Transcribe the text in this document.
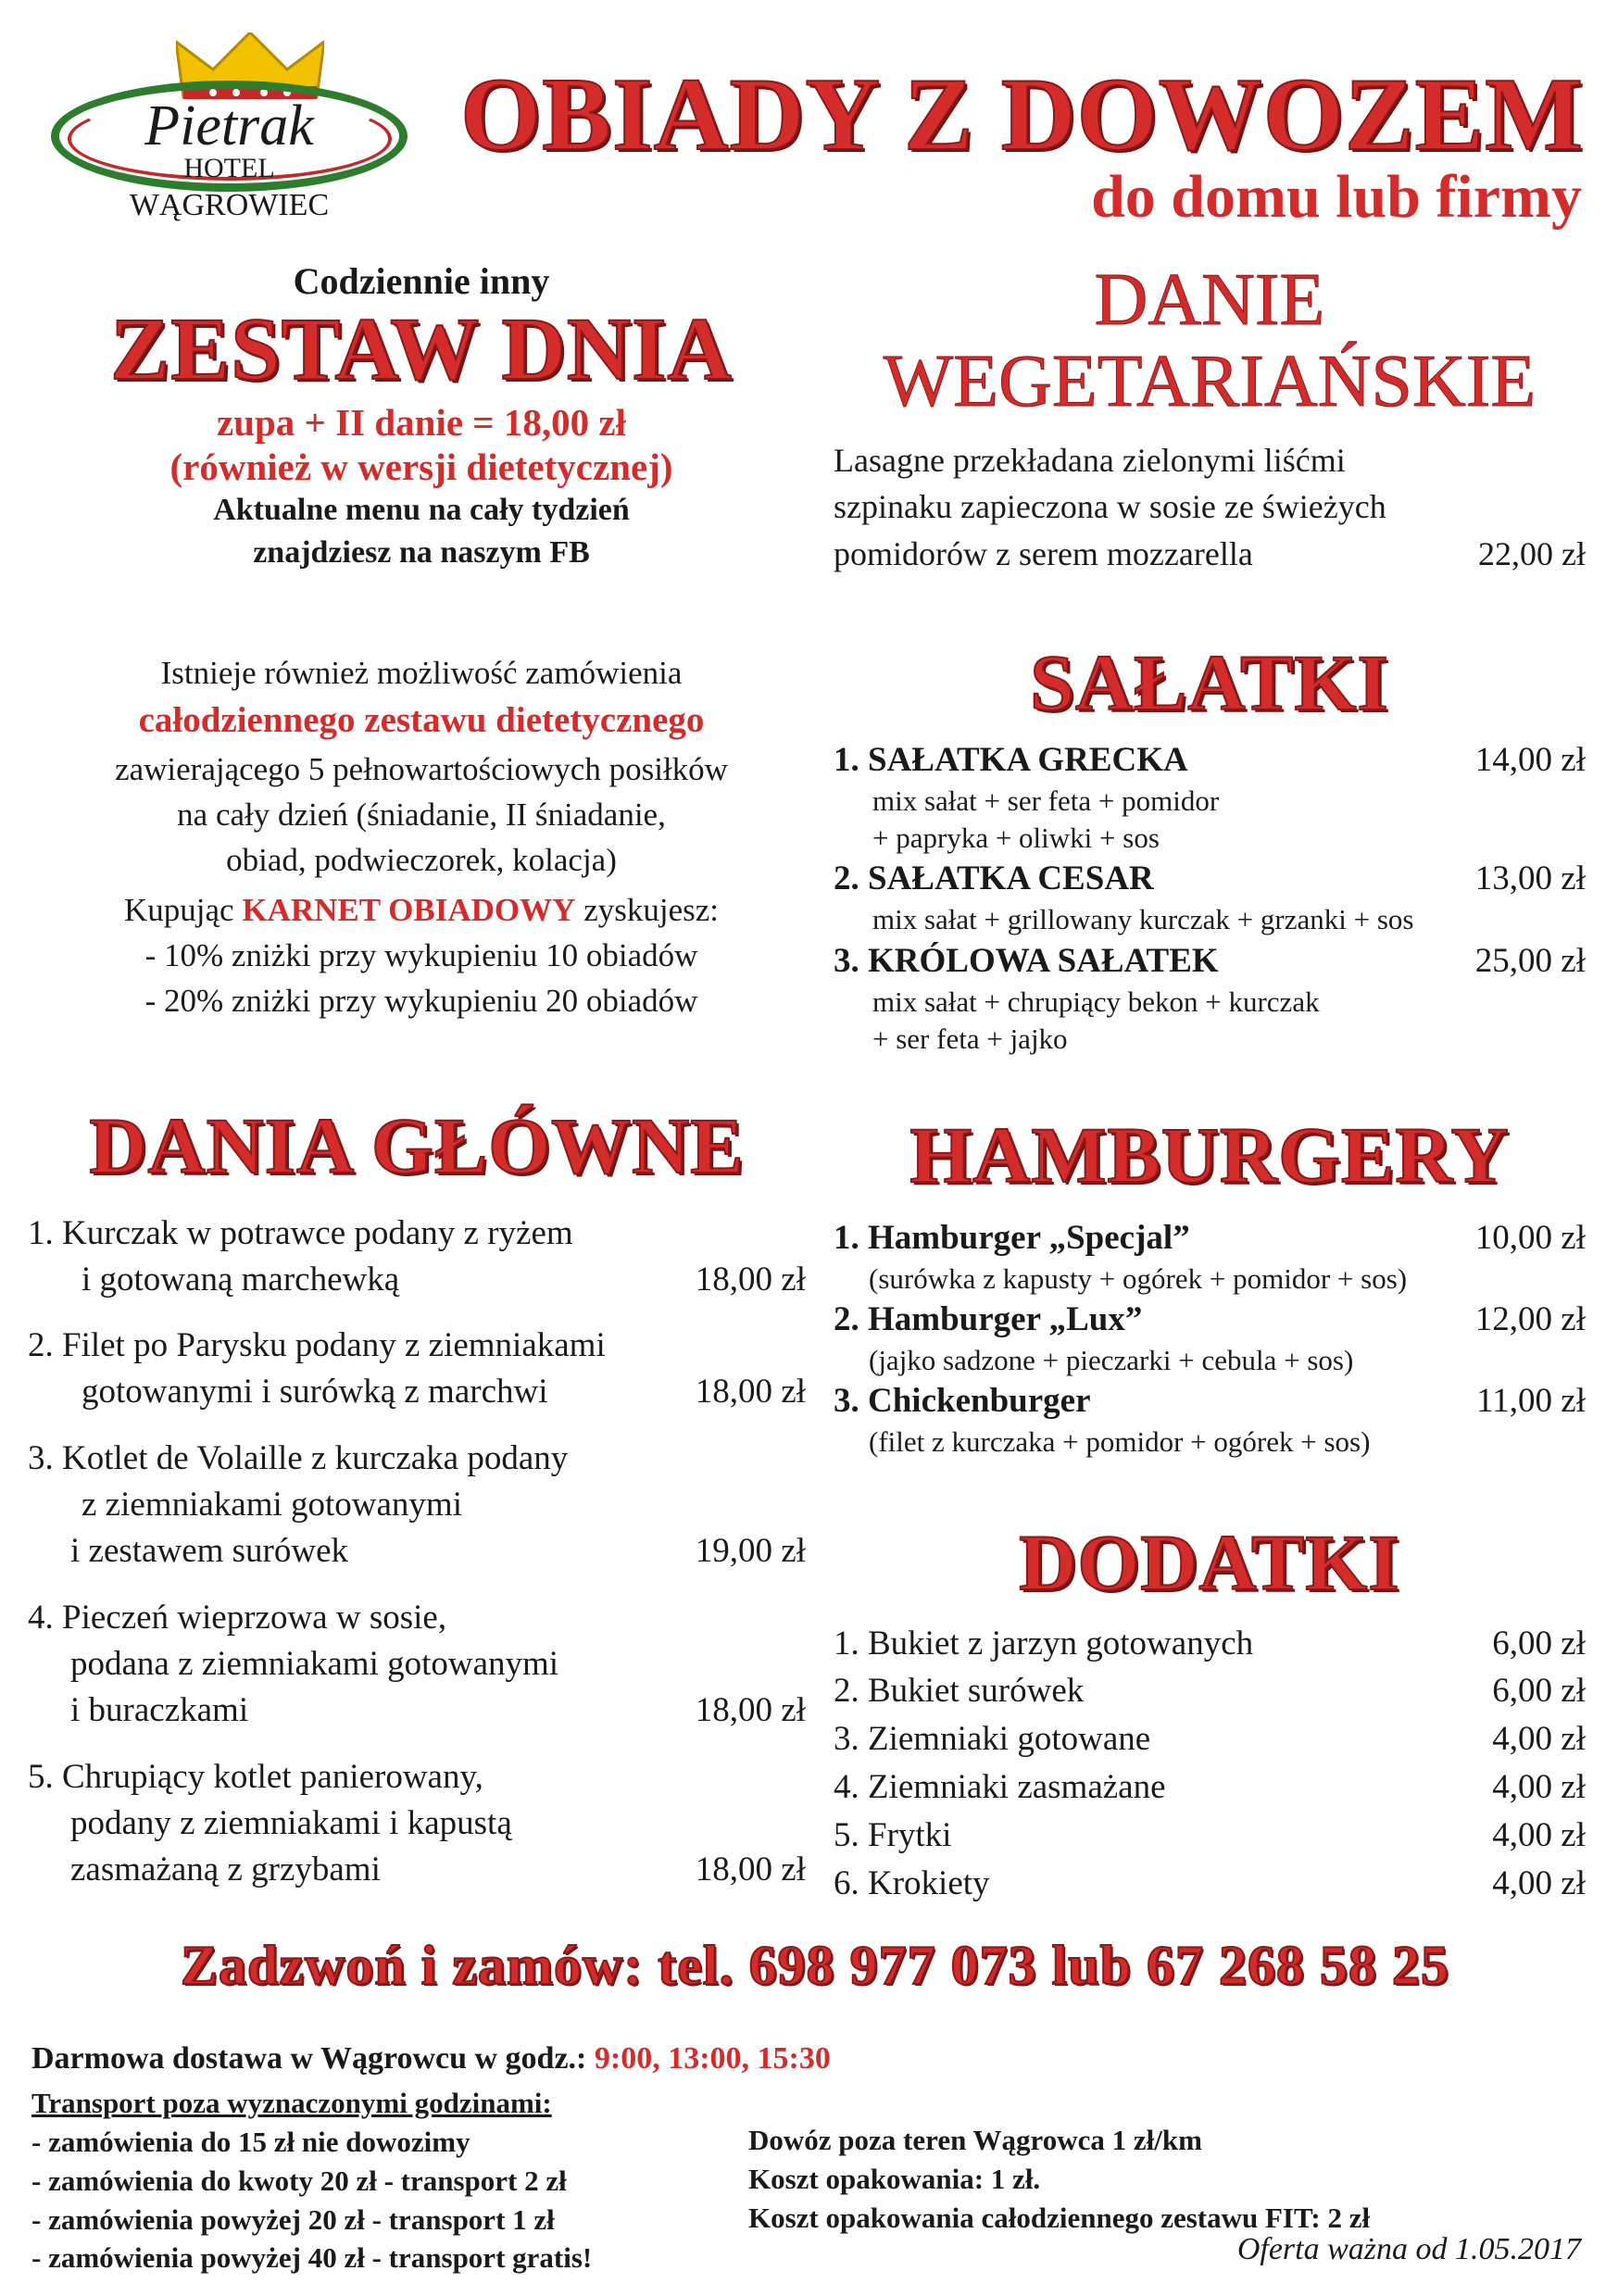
Pietrak
HOTEL
WĄGROWIEC
OBIADY Z DOWOZEM
do domu lub firmy
Codziennie inny
ZESTAW DNIA
zupa + II danie = 18,00 zł
(również w wersji dietetycznej)
Aktualne menu na cały tydzień
znajdziesz na naszym FB
Istnieje również możliwość zamówienia
całodziennego zestawu dietetycznego
zawierającego 5 pełnowartościowych posiłków
na cały dzień (śniadanie, II śniadanie,
obiad, podwieczorek, kolacja)
Kupując KARNET OBIADOWY zyskujesz:
- 10% zniżki przy wykupieniu 10 obiadów
- 20% zniżki przy wykupieniu 20 obiadów
DANIA GŁÓWNE
1. Kurczak w potrawce podany z ryżem
i gotowaną marchewką	18,00 zł
2. Filet po Parysku podany z ziemniakami
gotowanymi i surówką z marchwi	18,00 zł
3. Kotlet de Volaille z kurczaka podany
z ziemniakami gotowanymi
i zestawem surówek	19,00 zł
4. Pieczeń wieprzowa w sosie,
podana z ziemniakami gotowanymi
i buraczkami	18,00 zł
5. Chrupiący kotlet panierowany,
podany z ziemniakami i kapustą
zasmażaną z grzybami	18,00 zł
DANIE
WEGETARIAŃSKIE
Lasagne przekładana zielonymi liśćmi
szpinaku zapieczona w sosie ze świeżych
pomidorów z serem mozzarella	22,00 zł
SAŁATKI
1. SAŁATKA GRECKA	14,00 zł
mix sałat + ser feta + pomidor
+ papryka + oliwki + sos
2. SAŁATKA CESAR	13,00 zł
mix sałat + grillowany kurczak + grzanki + sos
3. KRÓLOWA SAŁATEK	25,00 zł
mix sałat + chrupiący bekon + kurczak
+ ser feta + jajko
HAMBURGERY
1. Hamburger „Specjal”	10,00 zł
(surówka z kapusty + ogórek + pomidor + sos)
2. Hamburger „Lux”	12,00 zł
(jajko sadzone + pieczarki + cebula + sos)
3. Chickenburger	11,00 zł
(filet z kurczaka + pomidor + ogórek + sos)
DODATKI
1. Bukiet z jarzyn gotowanych	6,00 zł
2. Bukiet surówek	6,00 zł
3. Ziemniaki gotowane	4,00 zł
4. Ziemniaki zasmażane	4,00 zł
5. Frytki	4,00 zł
6. Krokiety	4,00 zł
Zadzwoń i zamów: tel. 698 977 073 lub 67 268 58 25
Darmowa dostawa w Wągrowcu w godz.: 9:00, 13:00, 15:30
Transport poza wyznaczonymi godzinami:
- zamówienia do 15 zł nie dowozimy
- zamówienia do kwoty 20 zł - transport 2 zł
- zamówienia powyżej 20 zł - transport 1 zł
- zamówienia powyżej 40 zł - transport gratis!
Dowóz poza teren Wągrowca 1 zł/km
Koszt opakowania: 1 zł.
Koszt opakowania całodziennego zestawu FIT: 2 zł
Oferta ważna od 1.05.2017
